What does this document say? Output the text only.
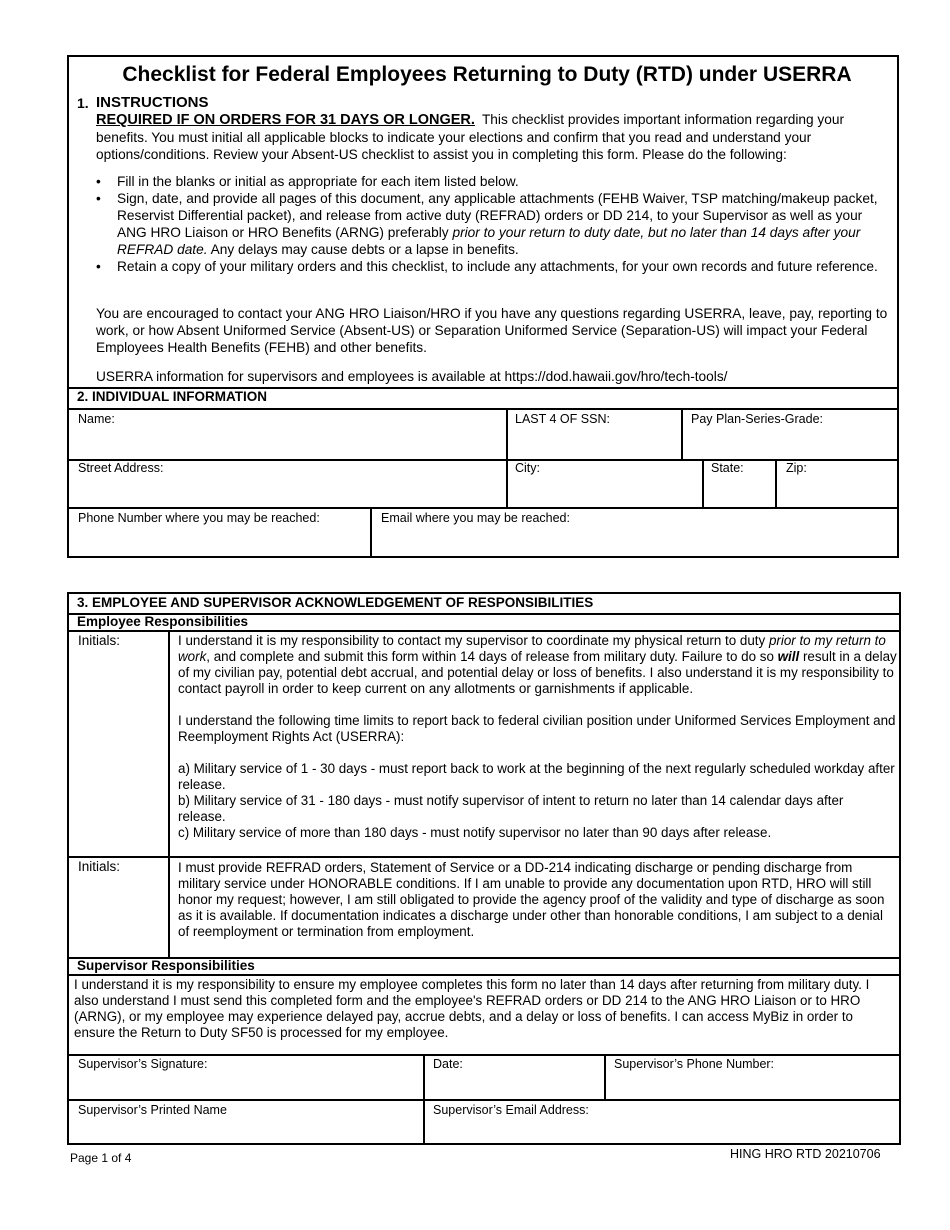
Checklist for Federal Employees Returning to Duty (RTD) under USERRA
1. INSTRUCTIONS
REQUIRED IF ON ORDERS FOR 31 DAYS OR LONGER. This checklist provides important information regarding your benefits. You must initial all applicable blocks to indicate your elections and confirm that you read and understand your options/conditions. Review your Absent-US checklist to assist you in completing this form. Please do the following:
• Fill in the blanks or initial as appropriate for each item listed below.
• Sign, date, and provide all pages of this document, any applicable attachments (FEHB Waiver, TSP matching/makeup packet, Reservist Differential packet), and release from active duty (REFRAD) orders or DD 214, to your Supervisor as well as your ANG HRO Liaison or HRO Benefits (ARNG) preferably prior to your return to duty date, but no later than 14 days after your REFRAD date. Any delays may cause debts or a lapse in benefits.
• Retain a copy of your military orders and this checklist, to include any attachments, for your own records and future reference.
You are encouraged to contact your ANG HRO Liaison/HRO if you have any questions regarding USERRA, leave, pay, reporting to work, or how Absent Uniformed Service (Absent-US) or Separation Uniformed Service (Separation-US) will impact your Federal Employees Health Benefits (FEHB) and other benefits.
USERRA information for supervisors and employees is available at https://dod.hawaii.gov/hro/tech-tools/
2. INDIVIDUAL INFORMATION
Name:	LAST 4 OF SSN:	Pay Plan-Series-Grade:
Street Address:	City:	State:	Zip:
Phone Number where you may be reached:	Email where you may be reached:
3. EMPLOYEE AND SUPERVISOR ACKNOWLEDGEMENT OF RESPONSIBILITIES
Employee Responsibilities
Initials:	I understand it is my responsibility to contact my supervisor to coordinate my physical return to duty prior to my return to work, and complete and submit this form within 14 days of release from military duty. Failure to do so will result in a delay of my civilian pay, potential debt accrual, and potential delay or loss of benefits. I also understand it is my responsibility to contact payroll in order to keep current on any allotments or garnishments if applicable.
I understand the following time limits to report back to federal civilian position under Uniformed Services Employment and Reemployment Rights Act (USERRA):
a) Military service of 1 - 30 days - must report back to work at the beginning of the next regularly scheduled workday after release.
b) Military service of 31 - 180 days - must notify supervisor of intent to return no later than 14 calendar days after release.
c) Military service of more than 180 days - must notify supervisor no later than 90 days after release.
Initials:	I must provide REFRAD orders, Statement of Service or a DD-214 indicating discharge or pending discharge from military service under HONORABLE conditions. If I am unable to provide any documentation upon RTD, HRO will still honor my request; however, I am still obligated to provide the agency proof of the validity and type of discharge as soon as it is available. If documentation indicates a discharge under other than honorable conditions, I am subject to a denial of reemployment or termination from employment.
Supervisor Responsibilities
I understand it is my responsibility to ensure my employee completes this form no later than 14 days after returning from military duty. I also understand I must send this completed form and the employee's REFRAD orders or DD 214 to the ANG HRO Liaison or to HRO (ARNG), or my employee may experience delayed pay, accrue debts, and a delay or loss of benefits. I can access MyBiz in order to ensure the Return to Duty SF50 is processed for my employee.
Supervisor’s Signature:	Date:	Supervisor’s Phone Number:
Supervisor’s Printed Name	Supervisor’s Email Address:
Page 1 of 4	HING HRO RTD 20210706
